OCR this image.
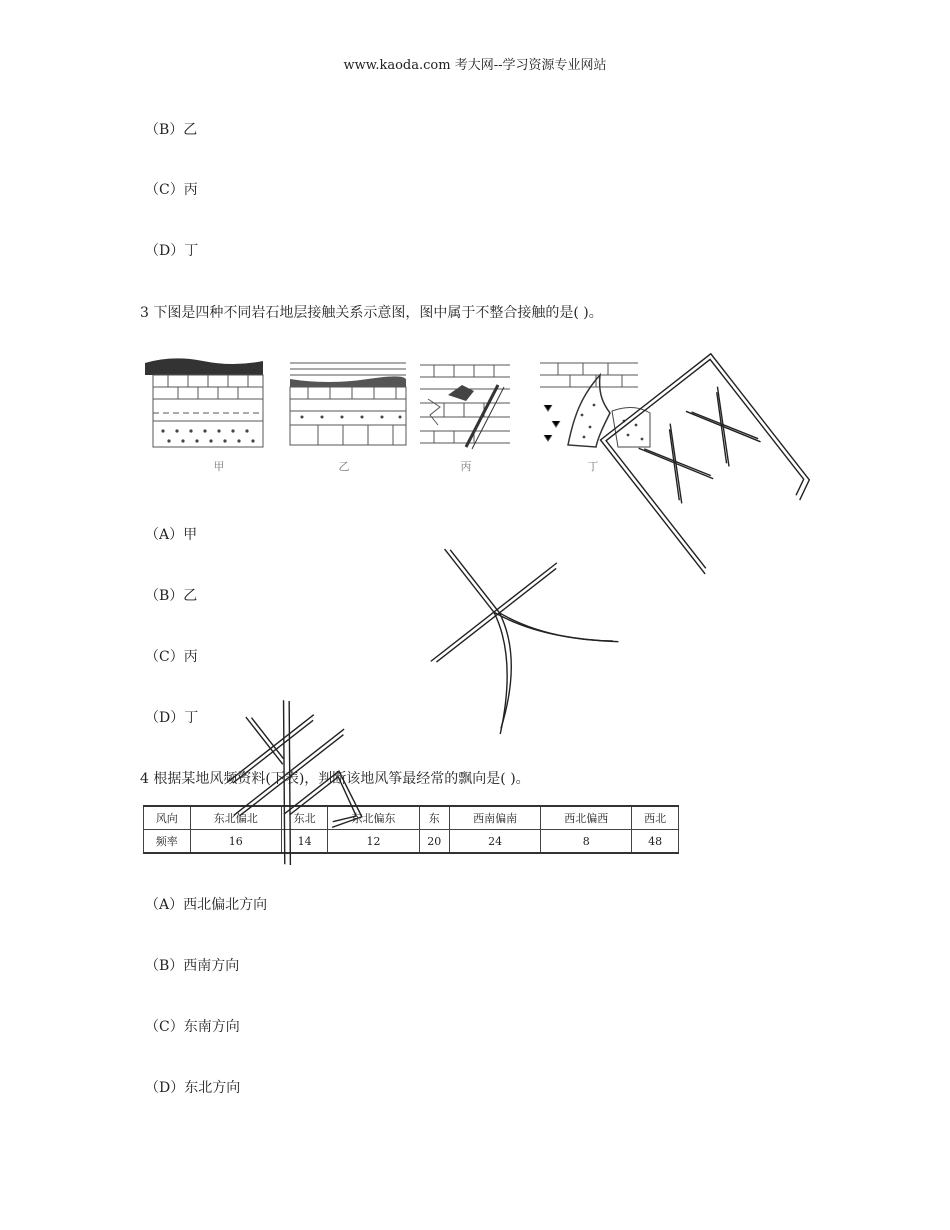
www.kaoda.com 考大网--学习资源专业网站
（B）乙
（C）丙
（D）丁
3 下图是四种不同岩石地层接触关系示意图，图中属于不整合接触的是( )。
甲	乙	丙	丁
（A）甲
（B）乙
（C）丙
（D）丁
4 根据某地风频资料(下表)，判断该地风筝最经常的飘向是( )。
风向	东北偏北	东北	东北偏东	东	西南偏南	西北偏西	西北
频率	16	14	12	20	24	8	48
（A）西北偏北方向
（B）西南方向
（C）东南方向
（D）东北方向
